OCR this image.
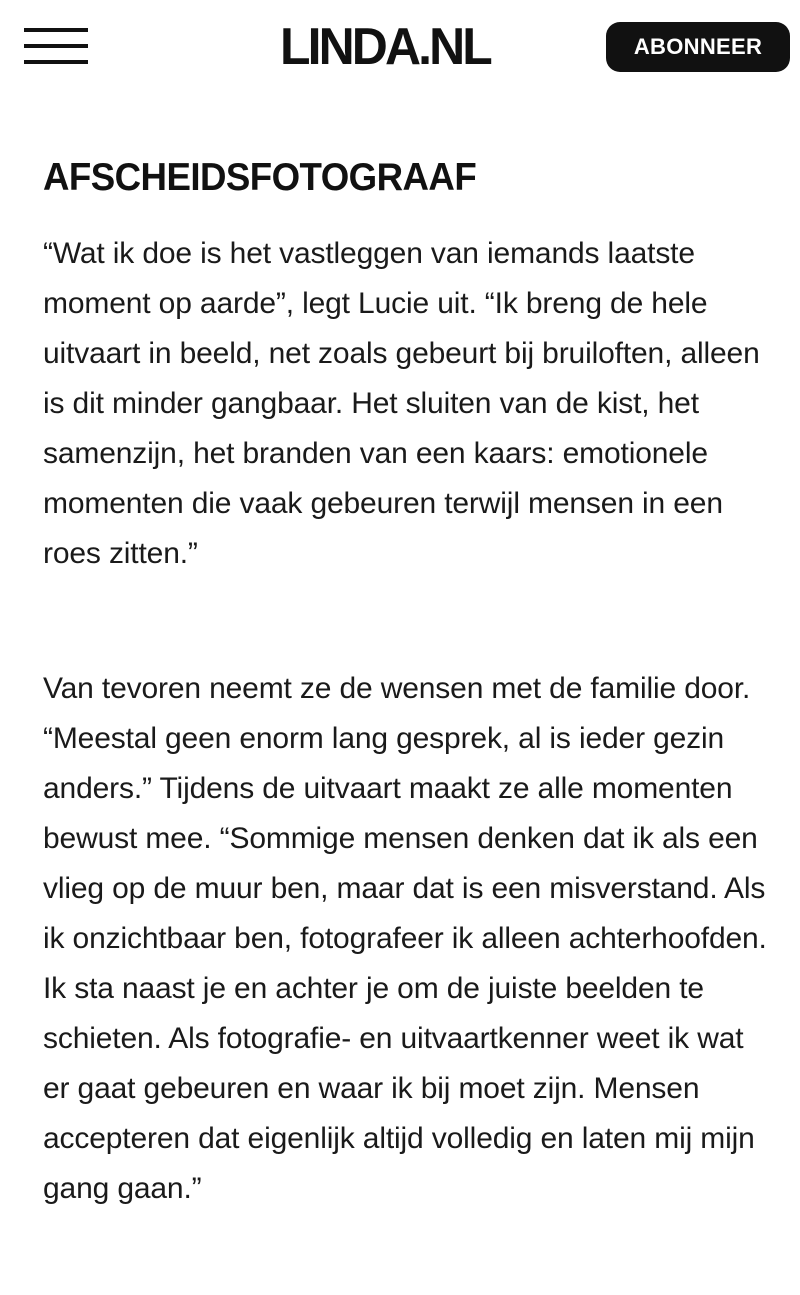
LINDA.NL	ABONNEER
AFSCHEIDSFOTOGRAAF

“Wat ik doe is het vastleggen van iemands laatste moment op aarde”, legt Lucie uit. “Ik breng de hele uitvaart in beeld, net zoals gebeurt bij bruiloften, alleen is dit minder gangbaar. Het sluiten van de kist, het samenzijn, het branden van een kaars: emotionele momenten die vaak gebeuren terwijl mensen in een roes zitten.”

Van tevoren neemt ze de wensen met de familie door. “Meestal geen enorm lang gesprek, al is ieder gezin anders.” Tijdens de uitvaart maakt ze alle momenten bewust mee. “Sommige mensen denken dat ik als een vlieg op de muur ben, maar dat is een misverstand. Als ik onzichtbaar ben, fotografeer ik alleen achterhoofden. Ik sta naast je en achter je om de juiste beelden te schieten. Als fotografie- en uitvaartkenner weet ik wat er gaat gebeuren en waar ik bij moet zijn. Mensen accepteren dat eigenlijk altijd volledig en laten mij mijn gang gaan.”
